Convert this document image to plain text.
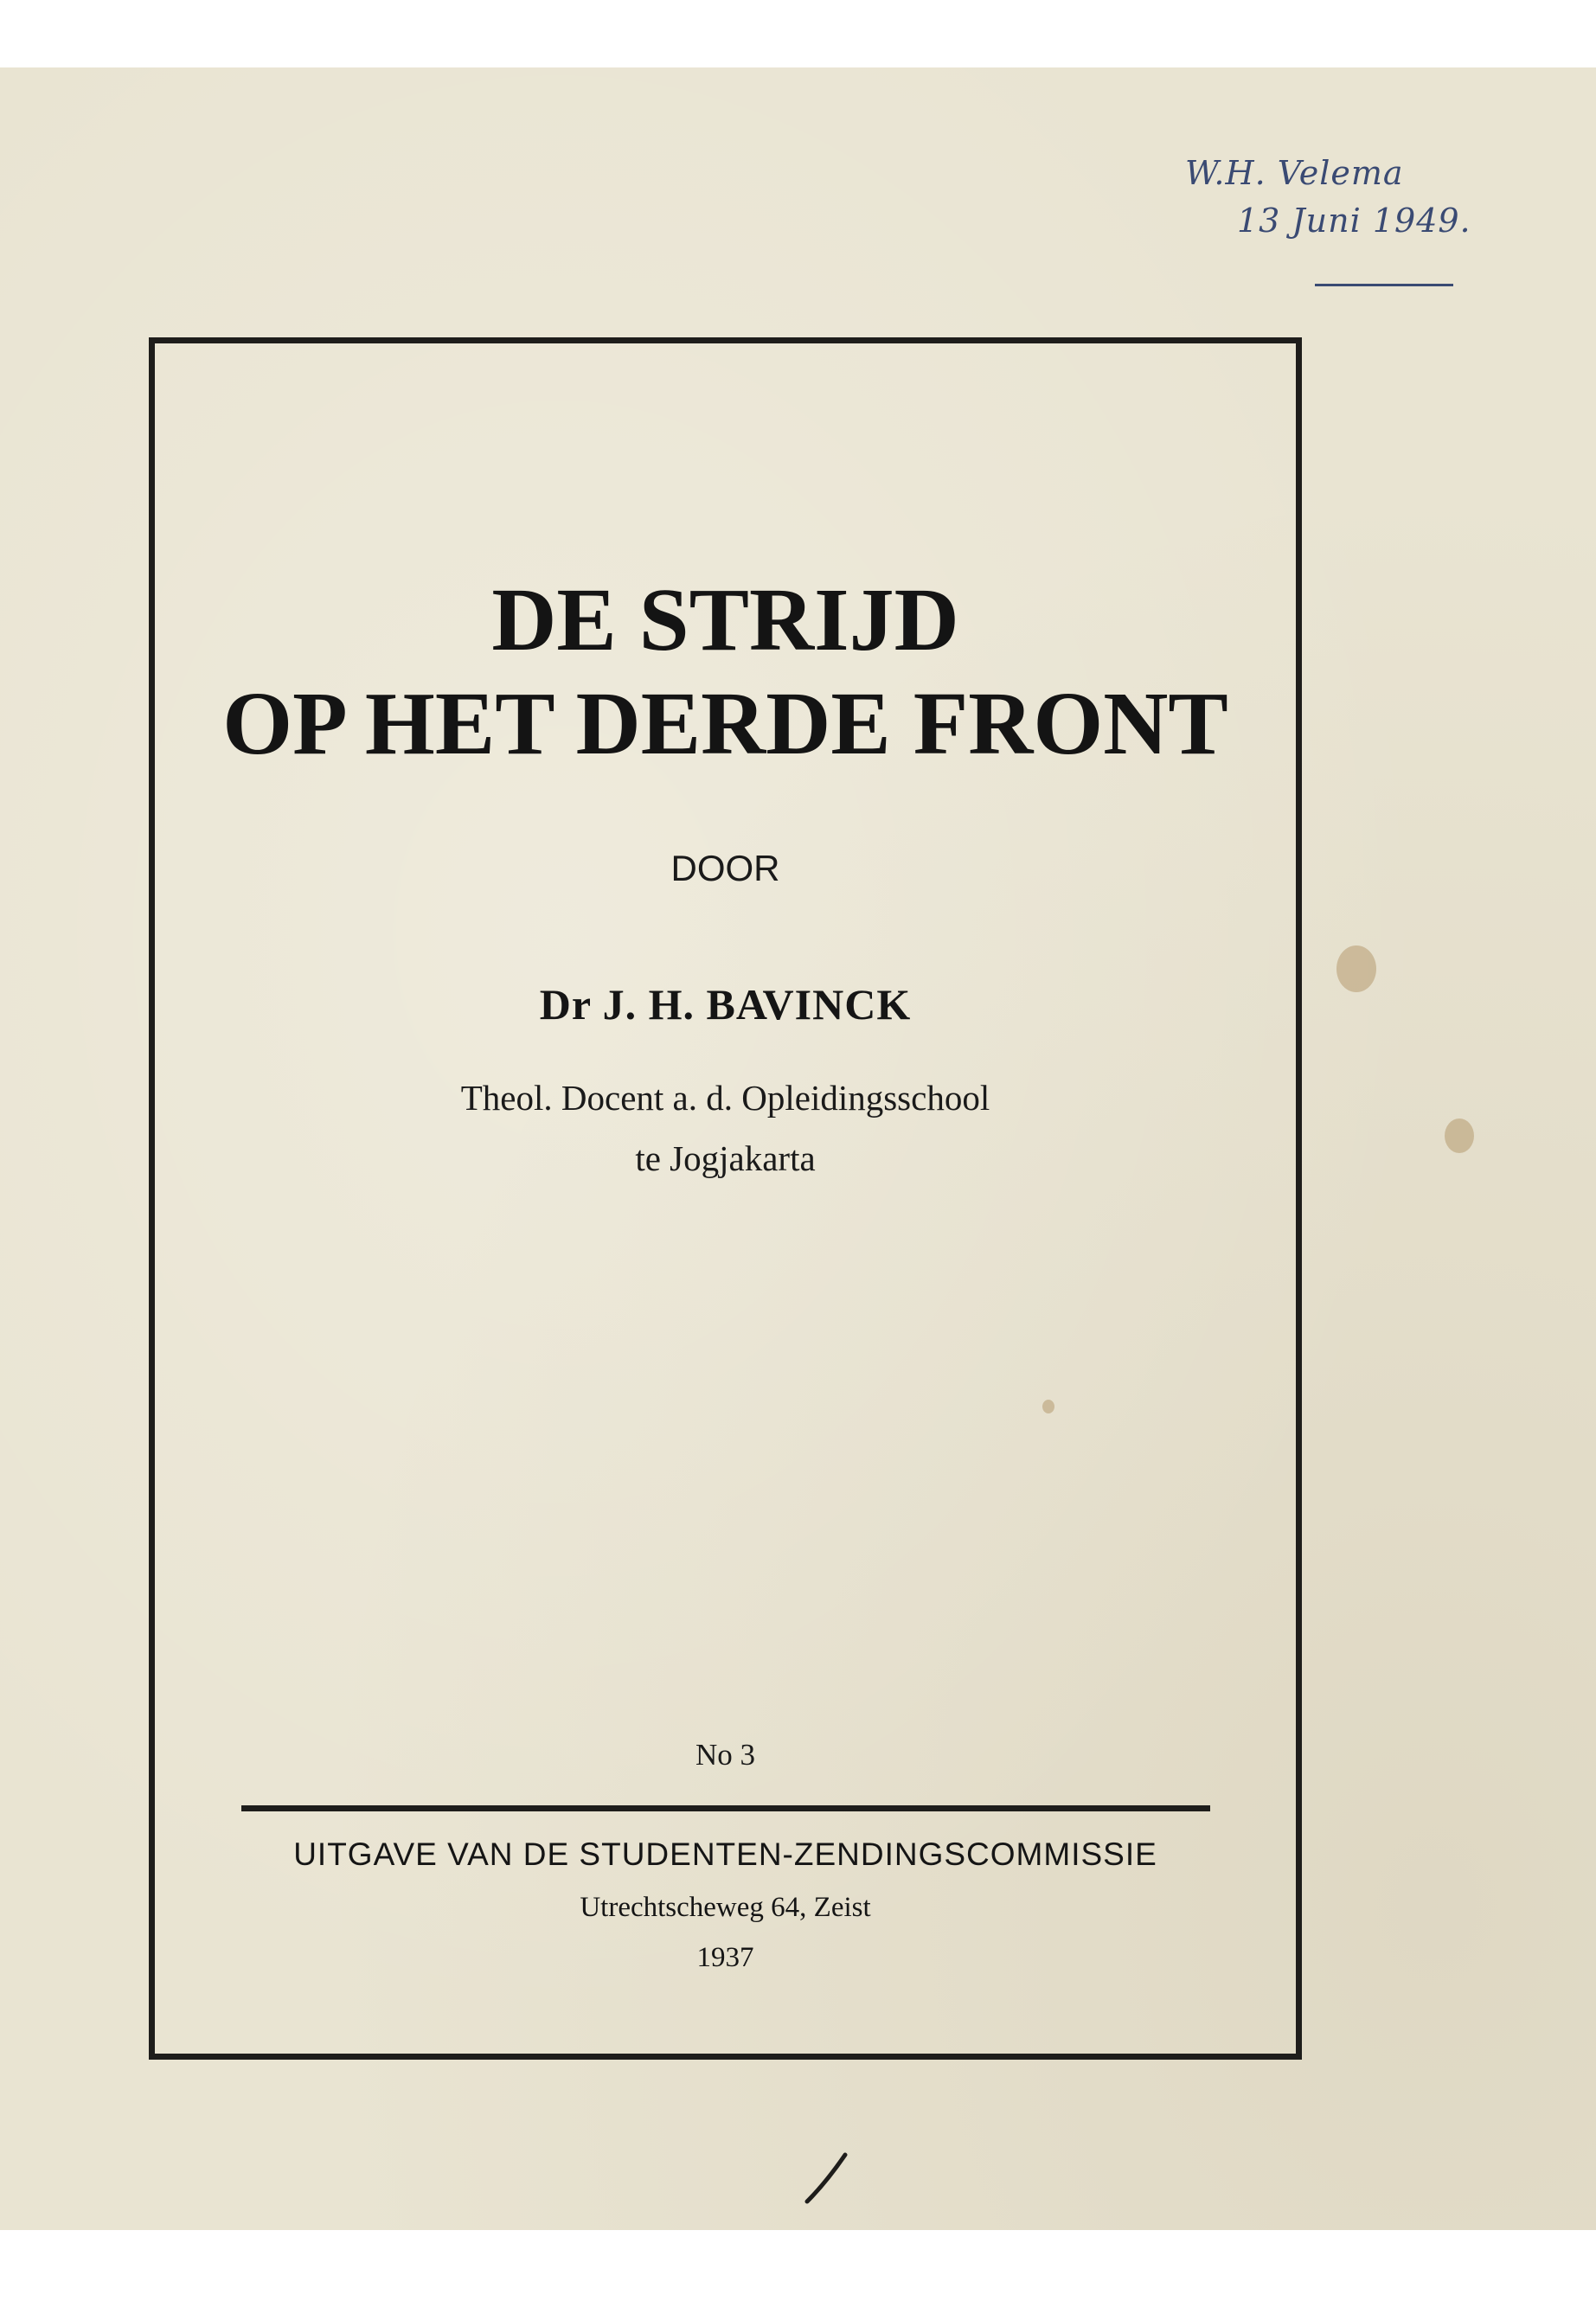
W.H. Velema
13 Juni 1949.
DE STRIJD
OP HET DERDE FRONT
DOOR
Dr J. H. BAVINCK
Theol. Docent a. d. Opleidingsschool
te Jogjakarta
No 3
UITGAVE VAN DE STUDENTEN-ZENDINGSCOMMISSIE
Utrechtscheweg 64, Zeist
1937
